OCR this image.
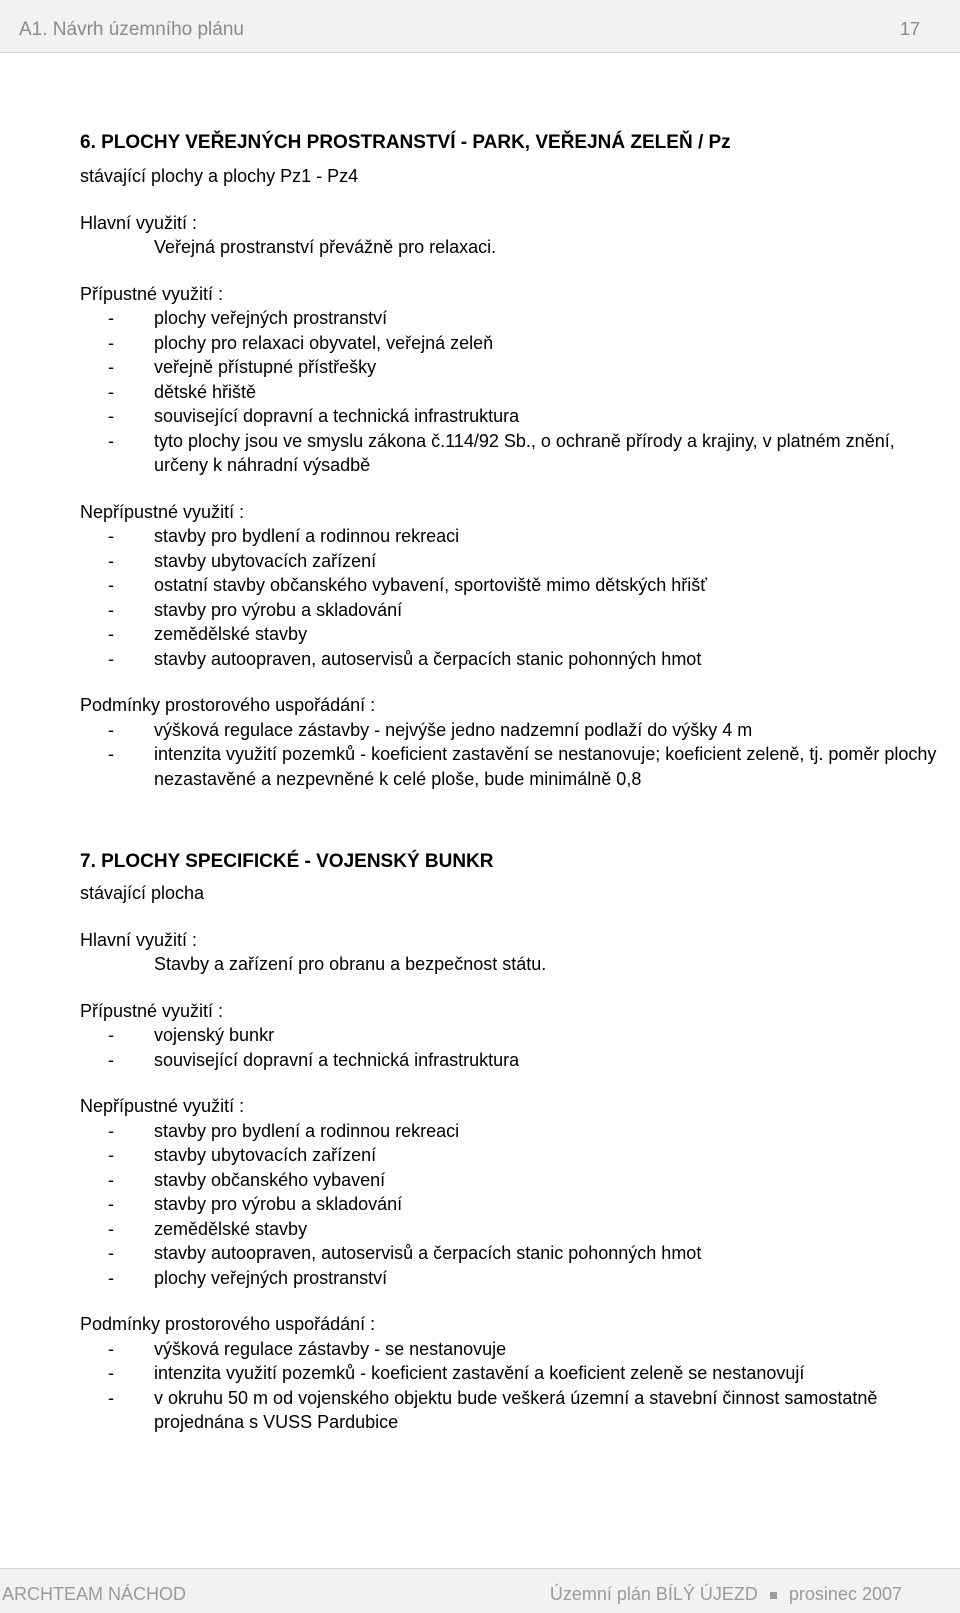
A1. Návrh územního plánu	17
6. PLOCHY VEŘEJNÝCH PROSTRANSTVÍ - PARK, VEŘEJNÁ ZELEŇ / Pz
stávající plochy a plochy Pz1 - Pz4
Hlavní využití :
Veřejná prostranství převážně pro relaxaci.
Přípustné využití :
- plochy veřejných prostranství
- plochy pro relaxaci obyvatel, veřejná zeleň
- veřejně přístupné přístřešky
- dětské hřiště
- související dopravní a technická infrastruktura
- tyto plochy jsou ve smyslu zákona č.114/92 Sb., o ochraně přírody a krajiny, v platném znění, určeny k náhradní výsadbě
Nepřípustné využití :
- stavby pro bydlení a rodinnou rekreaci
- stavby ubytovacích zařízení
- ostatní stavby občanského vybavení, sportoviště mimo dětských hřišť
- stavby pro výrobu a skladování
- zemědělské stavby
- stavby autoopraven, autoservisů a čerpacích stanic pohonných hmot
Podmínky prostorového uspořádání :
- výšková regulace zástavby - nejvýše jedno nadzemní podlaží do výšky 4 m
- intenzita využití pozemků - koeficient zastavění se nestanovuje; koeficient zeleně, tj. poměr plochy nezastavěné a nezpevněné k celé ploše, bude minimálně 0,8
7. PLOCHY SPECIFICKÉ - VOJENSKÝ BUNKR
stávající plocha
Hlavní využití :
Stavby a zařízení pro obranu a bezpečnost státu.
Přípustné využití :
- vojenský bunkr
- související dopravní a technická infrastruktura
Nepřípustné využití :
- stavby pro bydlení a rodinnou rekreaci
- stavby ubytovacích zařízení
- stavby občanského vybavení
- stavby pro výrobu a skladování
- zemědělské stavby
- stavby autoopraven, autoservisů a čerpacích stanic pohonných hmot
- plochy veřejných prostranství
Podmínky prostorového uspořádání :
- výšková regulace zástavby - se nestanovuje
- intenzita využití pozemků - koeficient zastavění a koeficient zeleně se nestanovují
- v okruhu 50 m od vojenského objektu bude veškerá územní a stavební činnost samostatně projednána s VUSS Pardubice
ARCHTEAM NÁCHOD	Územní plán BÍLÝ ÚJEZD prosinec 2007
